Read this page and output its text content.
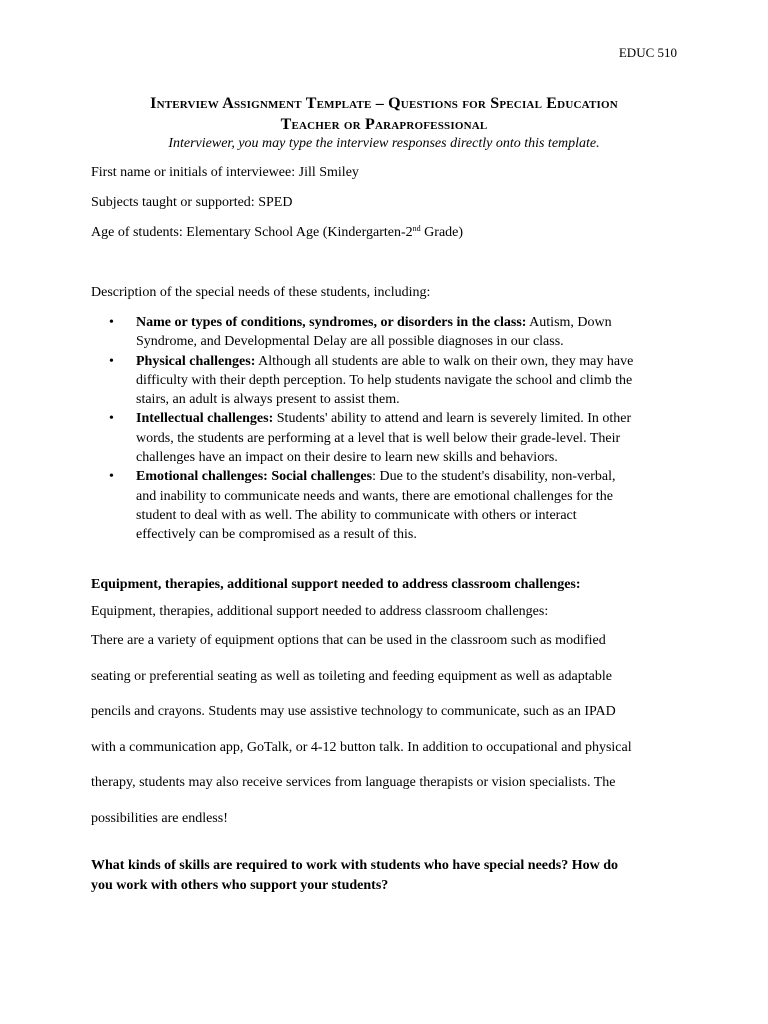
EDUC 510

Interview Assignment Template – Questions for Special Education
Teacher or Paraprofessional

Interviewer, you may type the interview responses directly onto this template.

First name or initials of interviewee: Jill Smiley

Subjects taught or supported: SPED

Age of students: Elementary School Age (Kindergarten-2nd Grade)

Description of the special needs of these students, including:

• Name or types of conditions, syndromes, or disorders in the class: Autism, Down
Syndrome, and Developmental Delay are all possible diagnoses in our class.
• Physical challenges: Although all students are able to walk on their own, they may have
difficulty with their depth perception. To help students navigate the school and climb the
stairs, an adult is always present to assist them.
• Intellectual challenges: Students' ability to attend and learn is severely limited. In other
words, the students are performing at a level that is well below their grade-level. Their
challenges have an impact on their desire to learn new skills and behaviors.
• Emotional challenges: Social challenges: Due to the student's disability, non-verbal,
and inability to communicate needs and wants, there are emotional challenges for the
student to deal with as well. The ability to communicate with others or interact
effectively can be compromised as a result of this.

Equipment, therapies, additional support needed to address classroom challenges:

Equipment, therapies, additional support needed to address classroom challenges:

There are a variety of equipment options that can be used in the classroom such as modified
seating or preferential seating as well as toileting and feeding equipment as well as adaptable
pencils and crayons. Students may use assistive technology to communicate, such as an IPAD
with a communication app, GoTalk, or 4-12 button talk. In addition to occupational and physical
therapy, students may also receive services from language therapists or vision specialists. The
possibilities are endless!
What kinds of skills are required to work with students who have special needs? How do
you work with others who support your students?
